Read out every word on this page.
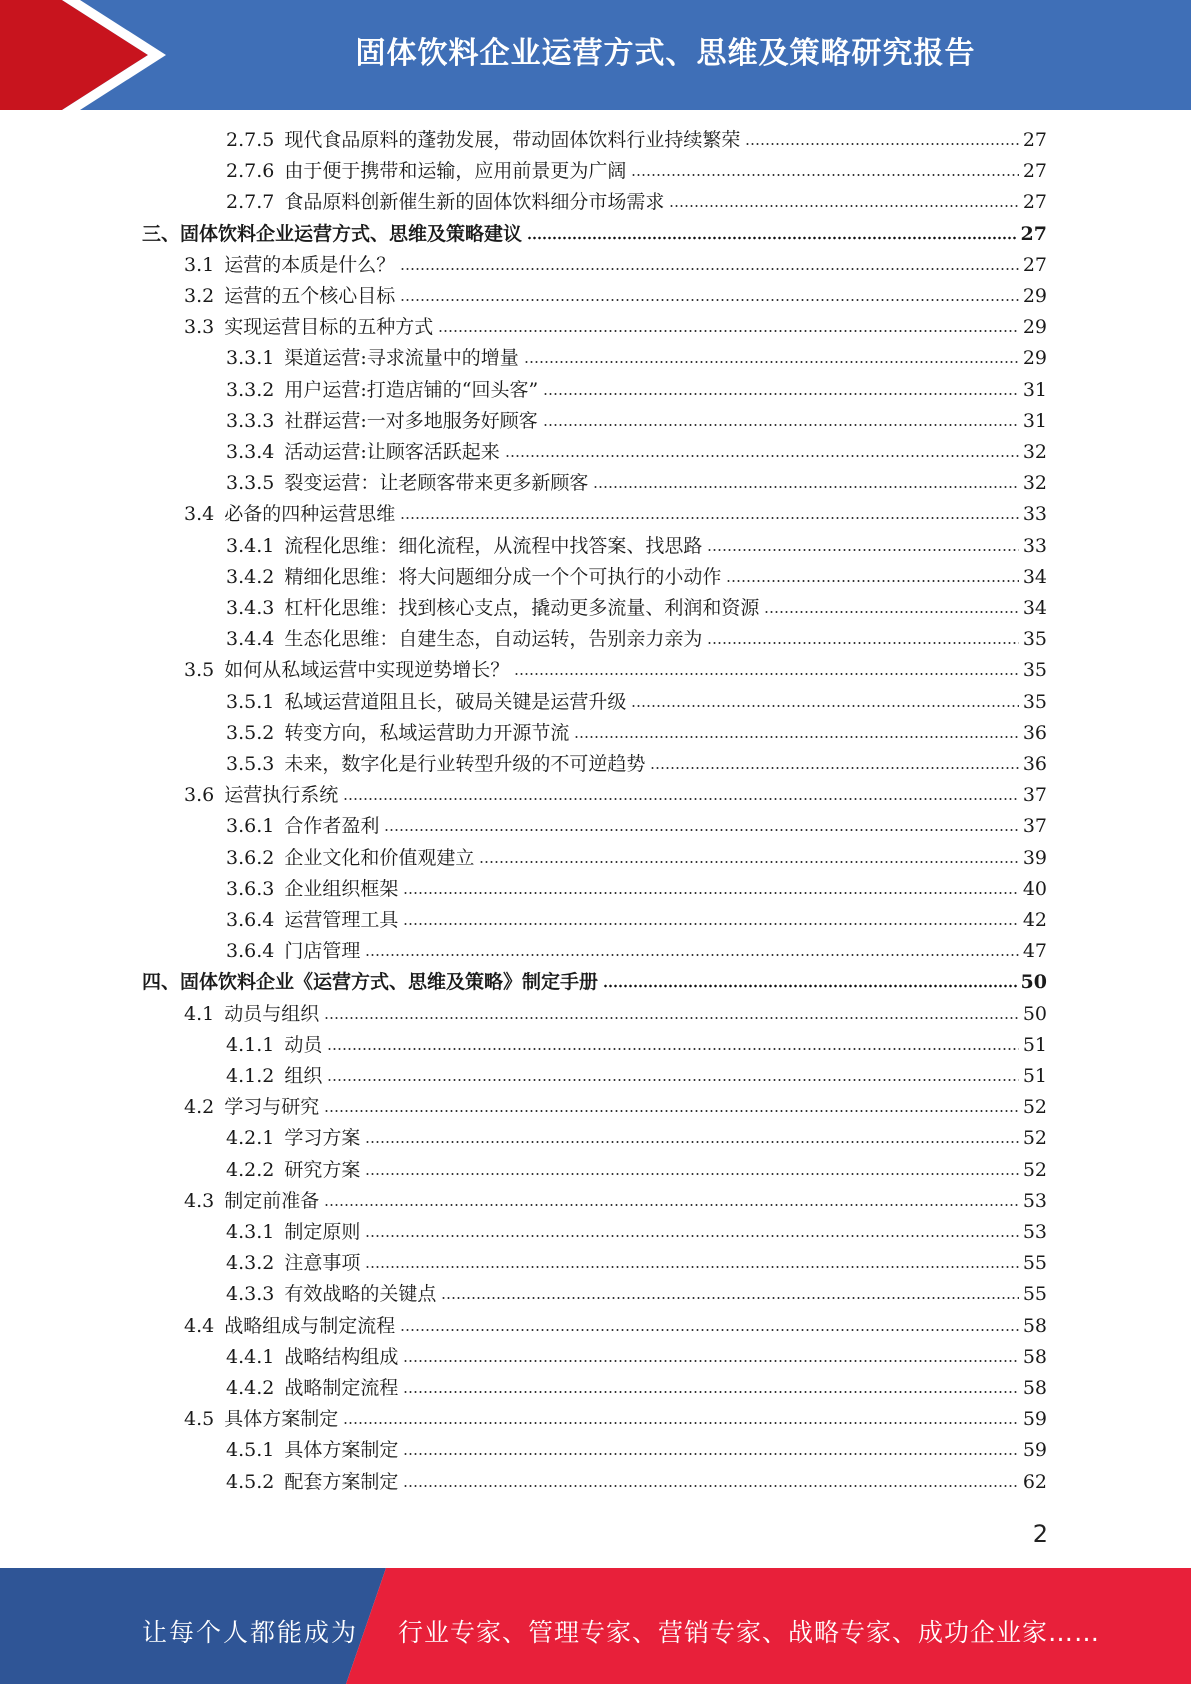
固体饮料企业运营方式、思维及策略研究报告
2.7.5 现代食品原料的蓬勃发展，带动固体饮料行业持续繁荣	27
2.7.6 由于便于携带和运输，应用前景更为广阔	27
2.7.7 食品原料创新催生新的固体饮料细分市场需求	27
三、固体饮料企业运营方式、思维及策略建议	27
3.1 运营的本质是什么？	27
3.2 运营的五个核心目标	29
3.3 实现运营目标的五种方式	29
3.3.1 渠道运营:寻求流量中的增量	29
3.3.2 用户运营:打造店铺的“回头客”	31
3.3.3 社群运营:一对多地服务好顾客	31
3.3.4 活动运营:让顾客活跃起来	32
3.3.5 裂变运营：让老顾客带来更多新顾客	32
3.4 必备的四种运营思维	33
3.4.1 流程化思维：细化流程，从流程中找答案、找思路	33
3.4.2 精细化思维：将大问题细分成一个个可执行的小动作	34
3.4.3 杠杆化思维：找到核心支点，撬动更多流量、利润和资源	34
3.4.4 生态化思维：自建生态，自动运转，告别亲力亲为	35
3.5 如何从私域运营中实现逆势增长？	35
3.5.1 私域运营道阻且长，破局关键是运营升级	35
3.5.2 转变方向，私域运营助力开源节流	36
3.5.3 未来，数字化是行业转型升级的不可逆趋势	36
3.6 运营执行系统	37
3.6.1 合作者盈利	37
3.6.2 企业文化和价值观建立	39
3.6.3 企业组织框架	40
3.6.4 运营管理工具	42
3.6.4 门店管理	47
四、固体饮料企业《运营方式、思维及策略》制定手册	50
4.1 动员与组织	50
4.1.1 动员	51
4.1.2 组织	51
4.2 学习与研究	52
4.2.1 学习方案	52
4.2.2 研究方案	52
4.3 制定前准备	53
4.3.1 制定原则	53
4.3.2 注意事项	55
4.3.3 有效战略的关键点	55
4.4 战略组成与制定流程	58
4.4.1 战略结构组成	58
4.4.2 战略制定流程	58
4.5 具体方案制定	59
4.5.1 具体方案制定	59
4.5.2 配套方案制定	62
2
让每个人都能成为 行业专家、管理专家、营销专家、战略专家、成功企业家……
